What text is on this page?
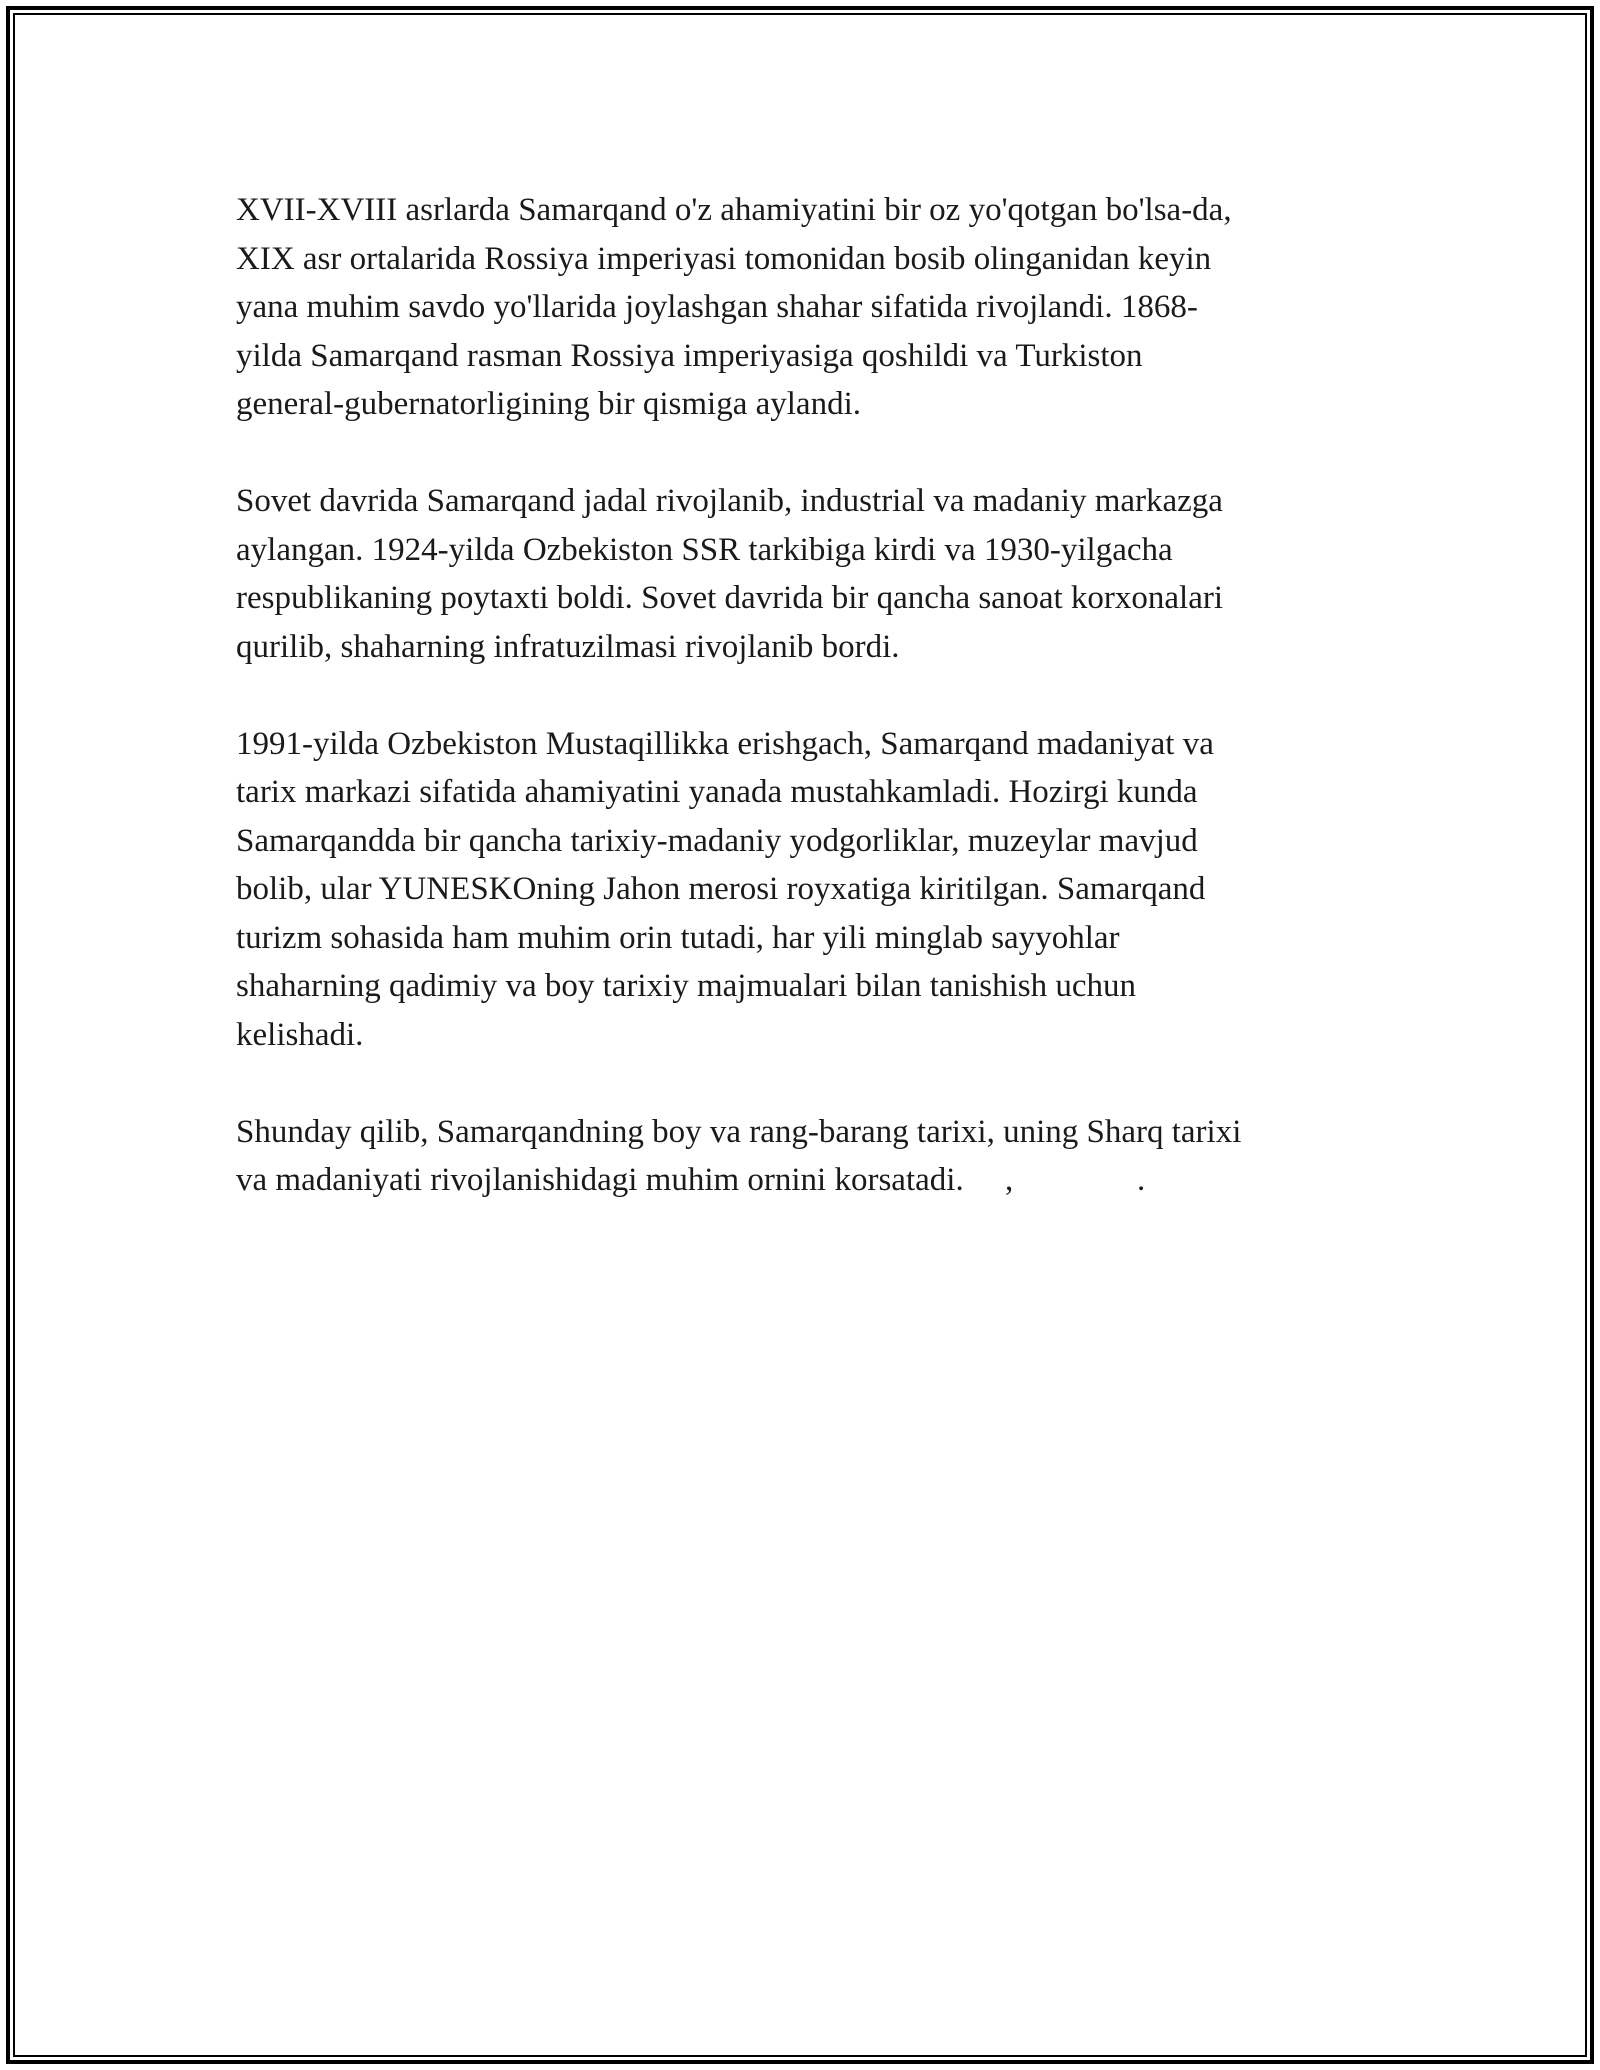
XVII-XVIII asrlarda Samarqand o'z ahamiyatini bir oz yo'qotgan bo'lsa-da,
XIX asr ortalarida Rossiya imperiyasi tomonidan bosib olinganidan keyin
yana muhim savdo yo'llarida joylashgan shahar sifatida rivojlandi. 1868-
yilda Samarqand rasman Rossiya imperiyasiga qoshildi va Turkiston
general-gubernatorligining bir qismiga aylandi.

Sovet davrida Samarqand jadal rivojlanib, industrial va madaniy markazga
aylangan. 1924-yilda Ozbekiston SSR tarkibiga kirdi va 1930-yilgacha
respublikaning poytaxti boldi. Sovet davrida bir qancha sanoat korxonalari
qurilib, shaharning infratuzilmasi rivojlanib bordi.

1991-yilda Ozbekiston Mustaqillikka erishgach, Samarqand madaniyat va
tarix markazi sifatida ahamiyatini yanada mustahkamladi. Hozirgi kunda
Samarqandda bir qancha tarixiy-madaniy yodgorliklar, muzeylar mavjud
bolib, ular YUNESKOning Jahon merosi royxatiga kiritilgan. Samarqand
turizm sohasida ham muhim orin tutadi, har yili minglab sayyohlar
shaharning qadimiy va boy tarixiy majmualari bilan tanishish uchun
kelishadi.

Shunday qilib, Samarqandning boy va rang-barang tarixi, uning Sharq tarixi
va madaniyati rivojlanishidagi muhim ornini korsatadi.     ,               .
